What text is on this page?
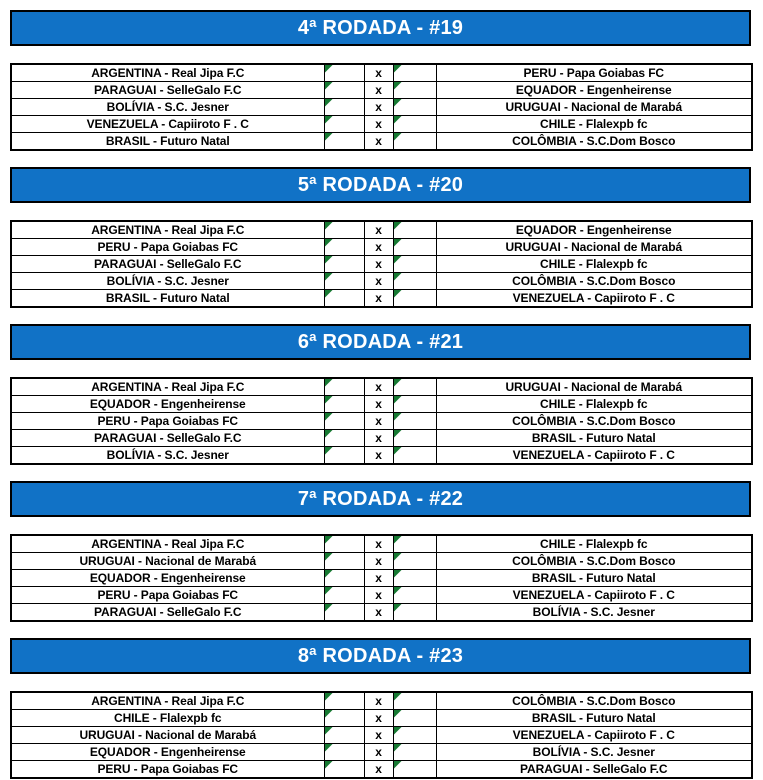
4ª RODADA - #19
ARGENTINA - Real Jipa F.C		x		PERU - Papa Goiabas FC
PARAGUAI - SelleGalo F.C		x		EQUADOR - Engenheirense
BOLÍVIA - S.C. Jesner		x		URUGUAI - Nacional de Marabá
VENEZUELA - Capiiroto F . C		x		CHILE - Flalexpb fc
BRASIL - Futuro Natal		x		COLÔMBIA - S.C.Dom Bosco
5ª RODADA - #20
ARGENTINA - Real Jipa F.C		x		EQUADOR - Engenheirense
PERU - Papa Goiabas FC		x		URUGUAI - Nacional de Marabá
PARAGUAI - SelleGalo F.C		x		CHILE - Flalexpb fc
BOLÍVIA - S.C. Jesner		x		COLÔMBIA - S.C.Dom Bosco
BRASIL - Futuro Natal		x		VENEZUELA - Capiiroto F . C
6ª RODADA - #21
ARGENTINA - Real Jipa F.C		x		URUGUAI - Nacional de Marabá
EQUADOR - Engenheirense		x		CHILE - Flalexpb fc
PERU - Papa Goiabas FC		x		COLÔMBIA - S.C.Dom Bosco
PARAGUAI - SelleGalo F.C		x		BRASIL - Futuro Natal
BOLÍVIA - S.C. Jesner		x		VENEZUELA - Capiiroto F . C
7ª RODADA - #22
ARGENTINA - Real Jipa F.C		x		CHILE - Flalexpb fc
URUGUAI - Nacional de Marabá		x		COLÔMBIA - S.C.Dom Bosco
EQUADOR - Engenheirense		x		BRASIL - Futuro Natal
PERU - Papa Goiabas FC		x		VENEZUELA - Capiiroto F . C
PARAGUAI - SelleGalo F.C		x		BOLÍVIA - S.C. Jesner
8ª RODADA - #23
ARGENTINA - Real Jipa F.C		x		COLÔMBIA - S.C.Dom Bosco
CHILE - Flalexpb fc		x		BRASIL - Futuro Natal
URUGUAI - Nacional de Marabá		x		VENEZUELA - Capiiroto F . C
EQUADOR - Engenheirense		x		BOLÍVIA - S.C. Jesner
PERU - Papa Goiabas FC		x		PARAGUAI - SelleGalo F.C
